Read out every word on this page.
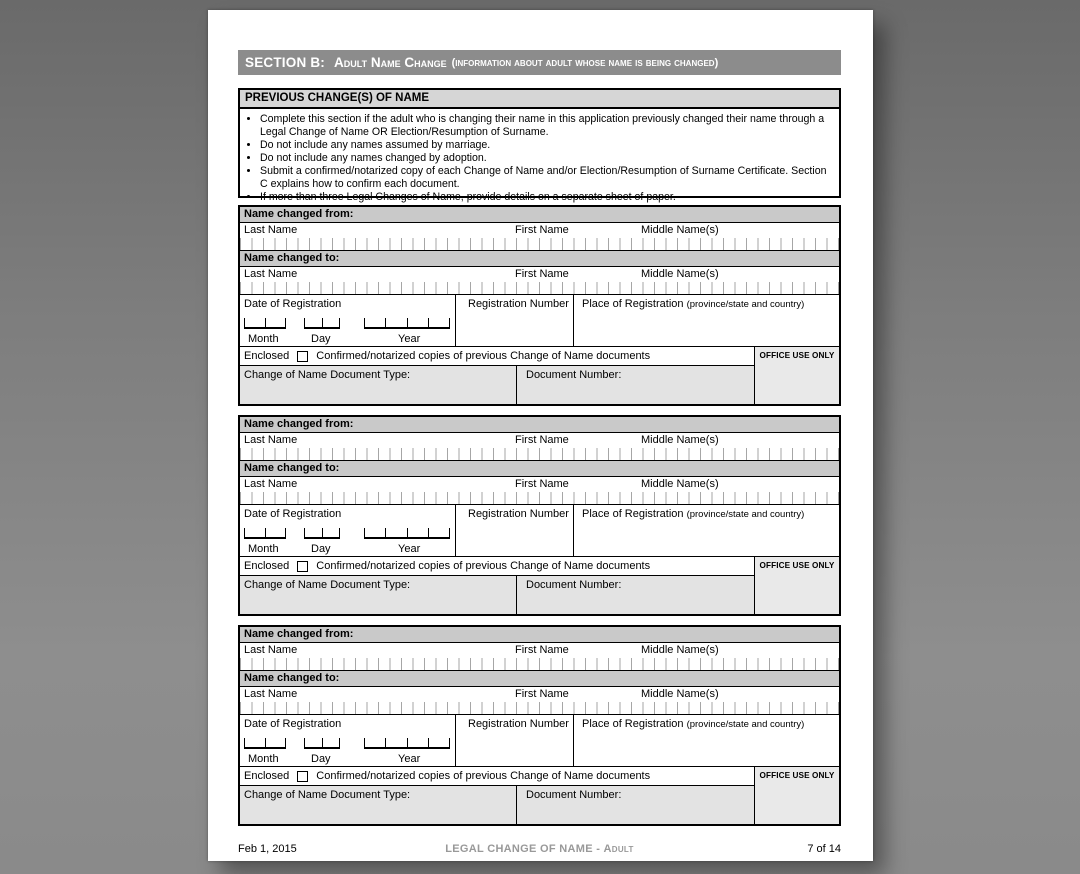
SECTION B: Adult Name Change (information about adult whose name is being changed)
PREVIOUS CHANGE(S) OF NAME
• Complete this section if the adult who is changing their name in this application previously changed their name through a Legal Change of Name OR Election/Resumption of Surname.
• Do not include any names assumed by marriage.
• Do not include any names changed by adoption.
• Submit a confirmed/notarized copy of each Change of Name and/or Election/Resumption of Surname Certificate. Section C explains how to confirm each document.
• If more than three Legal Changes of Name, provide details on a separate sheet of paper.
Name changed from:
Last Name	First Name	Middle Name(s)
Name changed to:
Last Name	First Name	Middle Name(s)
Date of Registration
Month	Day	Year
Registration Number	Place of Registration (province/state and country)
Enclosed Confirmed/notarized copies of previous Change of Name documents
Change of Name Document Type:	Document Number:
OFFICE USE ONLY
Name changed from:
Last Name	First Name	Middle Name(s)
Name changed to:
Last Name	First Name	Middle Name(s)
Date of Registration
Month	Day	Year
Registration Number	Place of Registration (province/state and country)
Enclosed Confirmed/notarized copies of previous Change of Name documents
Change of Name Document Type:	Document Number:
OFFICE USE ONLY
Name changed from:
Last Name	First Name	Middle Name(s)
Name changed to:
Last Name	First Name	Middle Name(s)
Date of Registration
Month	Day	Year
Registration Number	Place of Registration (province/state and country)
Enclosed Confirmed/notarized copies of previous Change of Name documents
Change of Name Document Type:	Document Number:
OFFICE USE ONLY
Feb 1, 2015	LEGAL CHANGE OF NAME - Adult	7 of 14
